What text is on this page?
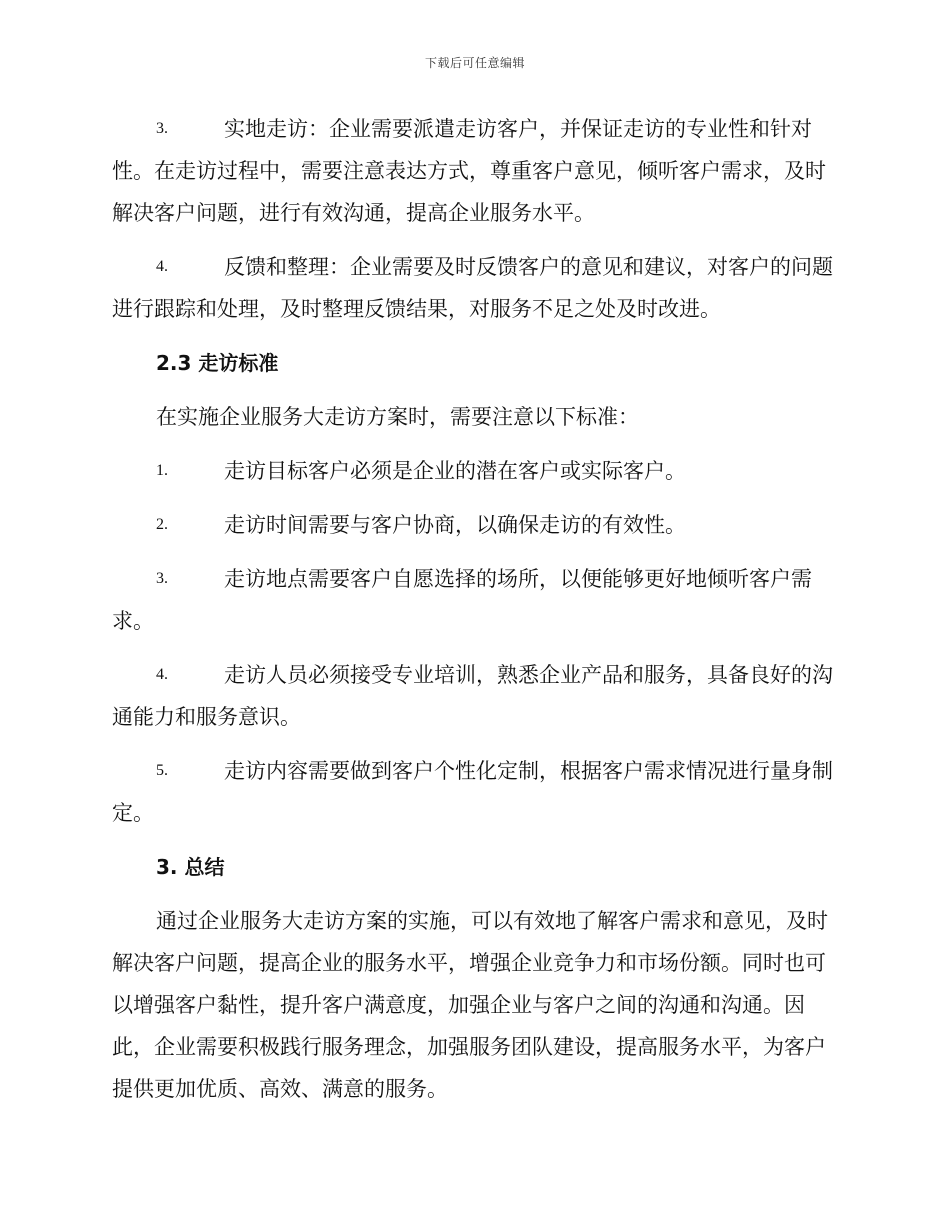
下载后可任意编辑

3.	实地走访：企业需要派遣走访客户，并保证走访的专业性和针对性。在走访过程中，需要注意表达方式，尊重客户意见，倾听客户需求，及时解决客户问题，进行有效沟通，提高企业服务水平。

4.	反馈和整理：企业需要及时反馈客户的意见和建议，对客户的问题进行跟踪和处理，及时整理反馈结果，对服务不足之处及时改进。

2.3 走访标准

在实施企业服务大走访方案时，需要注意以下标准：

1.	走访目标客户必须是企业的潜在客户或实际客户。

2.	走访时间需要与客户协商，以确保走访的有效性。

3.	走访地点需要客户自愿选择的场所，以便能够更好地倾听客户需求。

4.	走访人员必须接受专业培训，熟悉企业产品和服务，具备良好的沟通能力和服务意识。

5.	走访内容需要做到客户个性化定制，根据客户需求情况进行量身制定。

3. 总结

通过企业服务大走访方案的实施，可以有效地了解客户需求和意见，及时解决客户问题，提高企业的服务水平，增强企业竞争力和市场份额。同时也可以增强客户黏性，提升客户满意度，加强企业与客户之间的沟通和沟通。因此，企业需要积极践行服务理念，加强服务团队建设，提高服务水平，为客户提供更加优质、高效、满意的服务。
